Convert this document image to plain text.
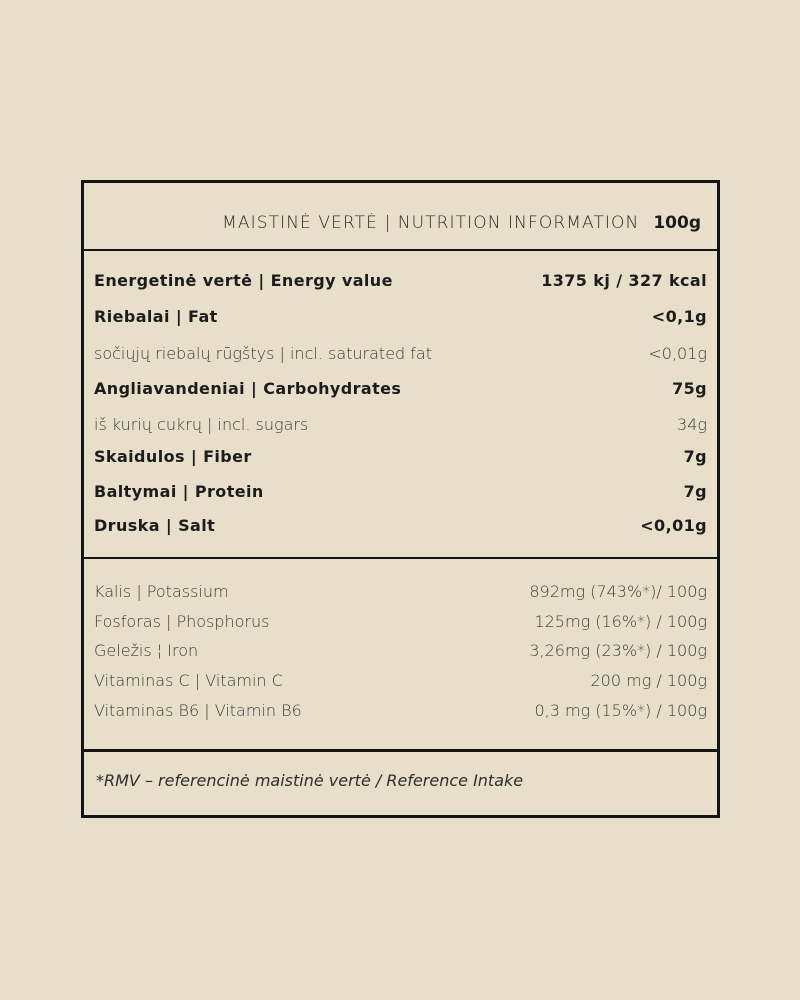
MAISTINĖ VERTĖ | NUTRITION INFORMATION 100g
Energetinė vertė | Energy value	1375 kj / 327 kcal
Riebalai | Fat	<0,1g
sočiųjų riebalų rūgštys | incl. saturated fat	<0,01g
Angliavandeniai | Carbohydrates	75g
iš kurių cukrų | incl. sugars	34g
Skaidulos | Fiber	7g
Baltymai | Protein	7g
Druska | Salt	<0,01g
Kalis | Potassium	892mg (743%*)/ 100g
Fosforas | Phosphorus	125mg (16%*) / 100g
Geležis ¦ Iron	3,26mg (23%*) / 100g
Vitaminas C | Vitamin C	200 mg / 100g
Vitaminas B6 | Vitamin B6	0,3 mg (15%*) / 100g
*RMV – referencinė maistinė vertė / Reference Intake
